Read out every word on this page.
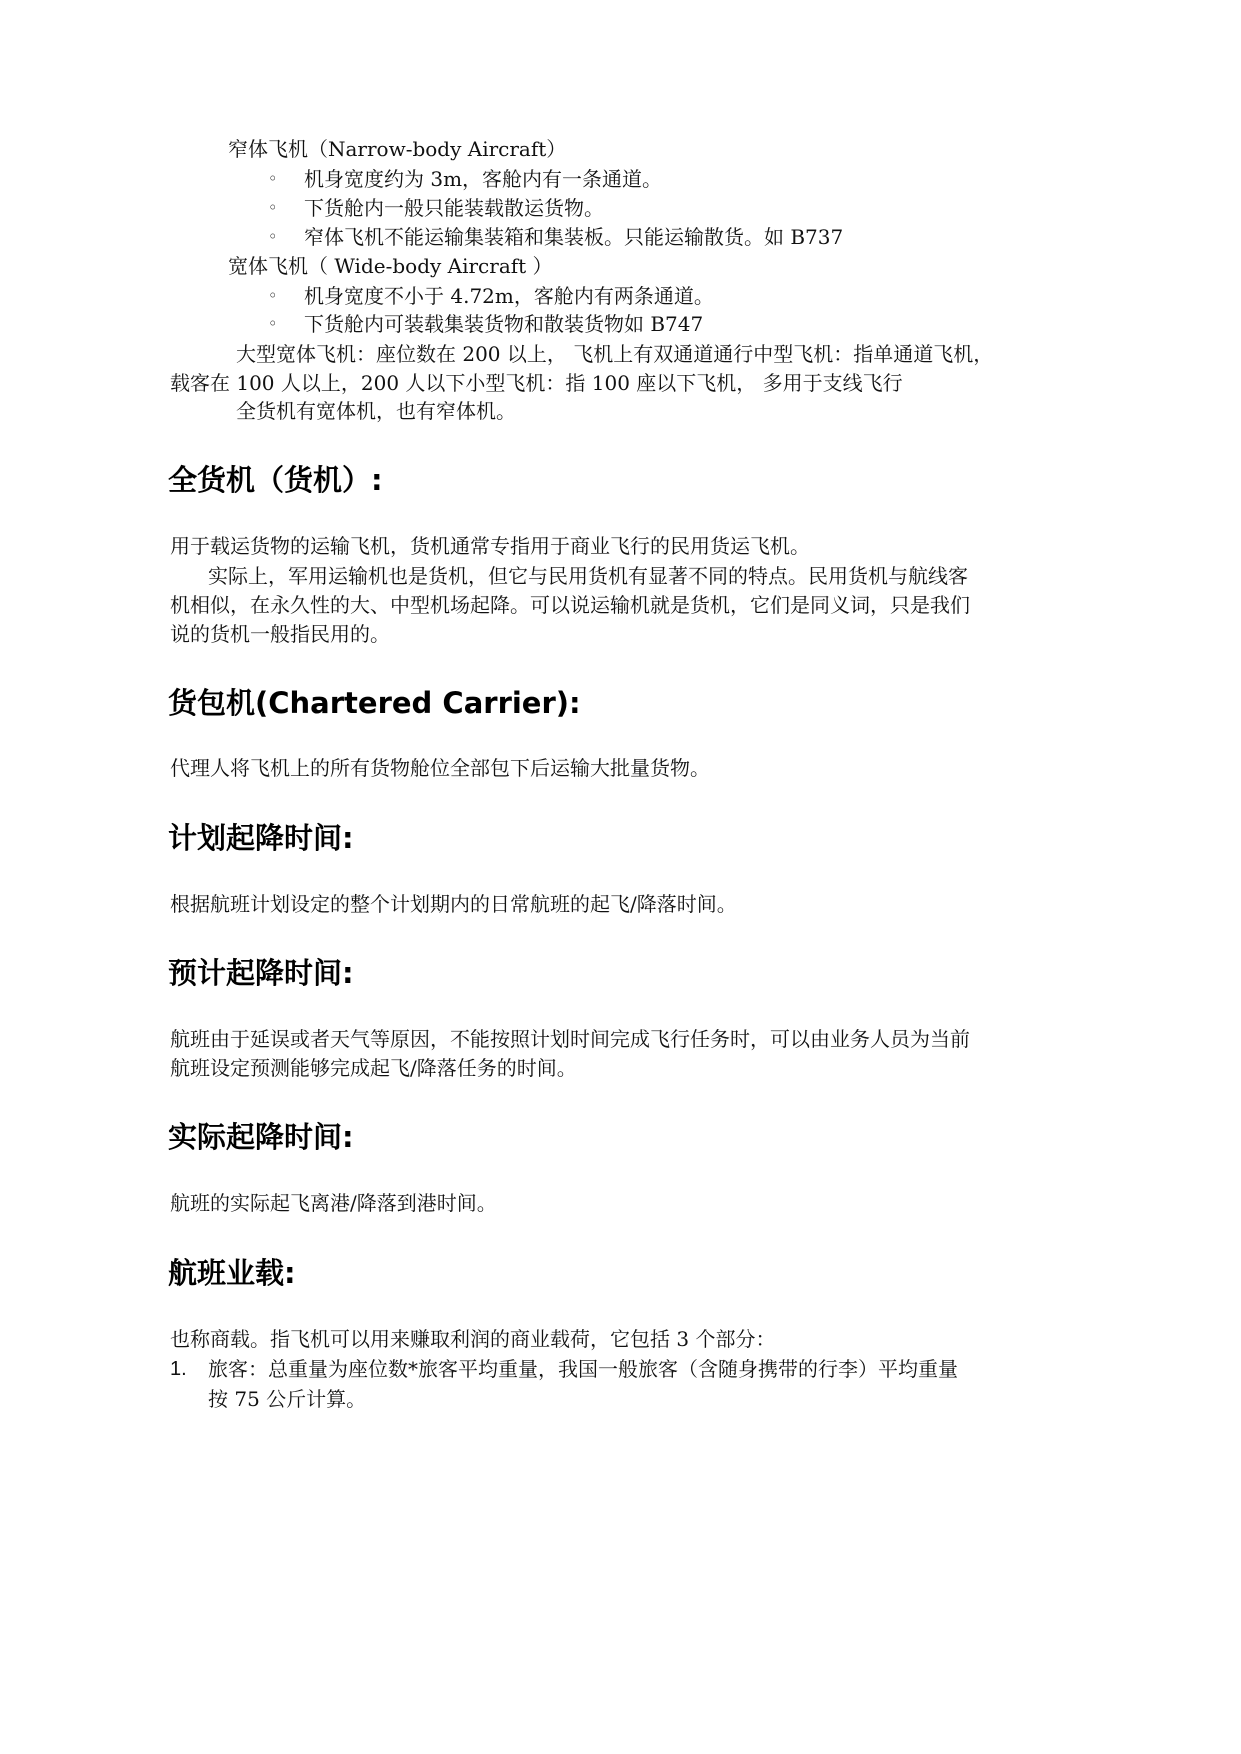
窄体飞机（Narrow-body Aircraft）
◦ 机身宽度约为 3m，客舱内有一条通道。
◦ 下货舱内一般只能装载散运货物。
◦ 窄体飞机不能运输集装箱和集装板。只能运输散货。如 B737
宽体飞机（ Wide-body Aircraft ）
◦ 机身宽度不小于 4.72m，客舱内有两条通道。
◦ 下货舱内可装载集装货物和散装货物如 B747
大型宽体飞机：座位数在 200 以上， 飞机上有双通道通行中型飞机：指单通道飞机，
载客在 100 人以上，200 人以下小型飞机：指 100 座以下飞机， 多用于支线飞行
全货机有宽体机，也有窄体机。
全货机（货机）:
用于载运货物的运输飞机，货机通常专指用于商业飞行的民用货运飞机。
实际上，军用运输机也是货机，但它与民用货机有显著不同的特点。民用货机与航线客
机相似，在永久性的大、中型机场起降。可以说运输机就是货机，它们是同义词，只是我们
说的货机一般指民用的。
货包机(Chartered Carrier):
代理人将飞机上的所有货物舱位全部包下后运输大批量货物。
计划起降时间:
根据航班计划设定的整个计划期内的日常航班的起飞/降落时间。
预计起降时间:
航班由于延误或者天气等原因，不能按照计划时间完成飞行任务时，可以由业务人员为当前
航班设定预测能够完成起飞/降落任务的时间。
实际起降时间:
航班的实际起飞离港/降落到港时间。
航班业载:
也称商载。指飞机可以用来赚取利润的商业载荷，它包括 3 个部分：
1. 旅客：总重量为座位数*旅客平均重量，我国一般旅客（含随身携带的行李）平均重量
按 75 公斤计算。
